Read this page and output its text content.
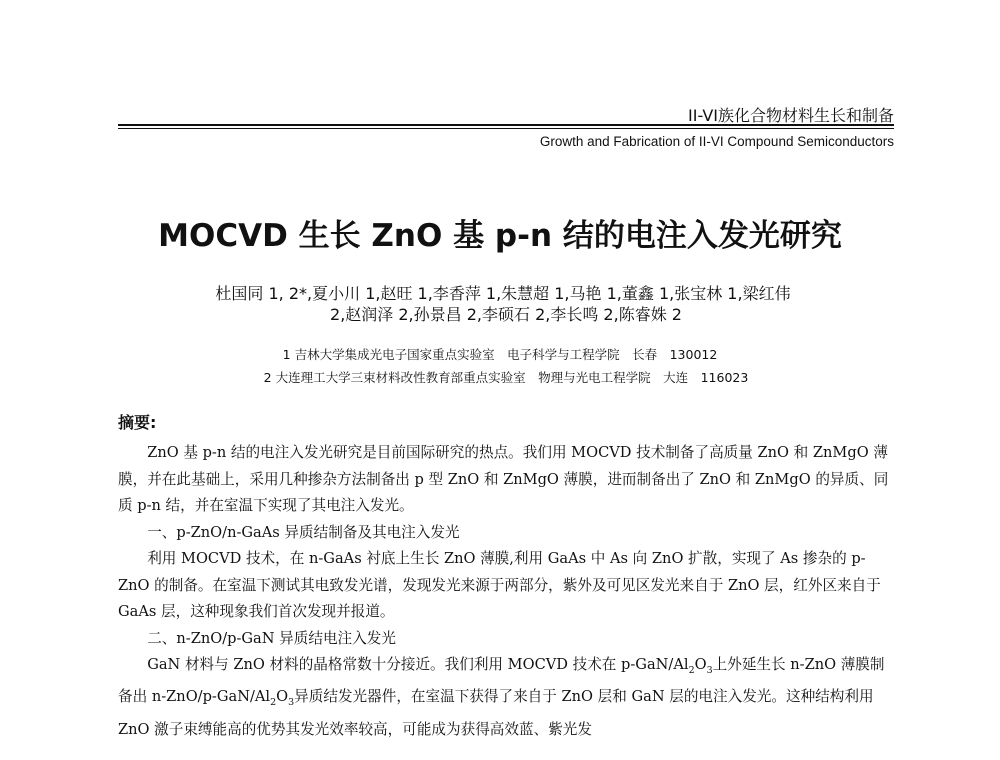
II-VI族化合物材料生长和制备
Growth and Fabrication of II-VI Compound Semiconductors
MOCVD 生长 ZnO 基 p-n 结的电注入发光研究
杜国同 1, 2*,夏小川 1,赵旺 1,李香萍 1,朱慧超 1,马艳 1,董鑫 1,张宝林 1,梁红伟
2,赵润泽 2,孙景昌 2,李硕石 2,李长鸣 2,陈睿姝 2
1 吉林大学集成光电子国家重点实验室　电子科学与工程学院　长春　130012
2 大连理工大学三束材料改性教育部重点实验室　物理与光电工程学院　大连　116023
摘要:

ZnO 基 p-n 结的电注入发光研究是目前国际研究的热点。我们用 MOCVD 技术制备了高质量 ZnO 和 ZnMgO 薄膜，并在此基础上，采用几种掺杂方法制备出 p 型 ZnO 和 ZnMgO 薄膜，进而制备出了 ZnO 和 ZnMgO 的异质、同质 p-n 结，并在室温下实现了其电注入发光。

一、p-ZnO/n-GaAs 异质结制备及其电注入发光

利用 MOCVD 技术，在 n-GaAs 衬底上生长 ZnO 薄膜,利用 GaAs 中 As 向 ZnO 扩散，实现了 As 掺杂的 p-ZnO 的制备。在室温下测试其电致发光谱，发现发光来源于两部分，紫外及可见区发光来自于 ZnO 层，红外区来自于 GaAs 层，这种现象我们首次发现并报道。

二、n-ZnO/p-GaN 异质结电注入发光

GaN 材料与 ZnO 材料的晶格常数十分接近。我们利用 MOCVD 技术在 $p-GaN/Al_2O_3$上外延生长 n-ZnO 薄膜制备出 $n-ZnO/p-GaN/Al_2O_3$异质结发光器件，在室温下获得了来自于 ZnO 层和 GaN 层的电注入发光。这种结构利用 ZnO 激子束缚能高的优势其发光效率较高，可能成为获得高效蓝、紫光发
